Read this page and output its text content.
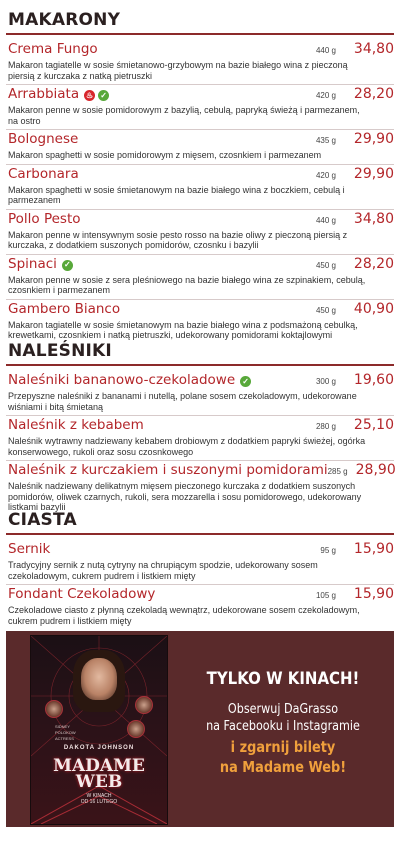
MAKARONY
Crema Fungo	440 g	34,80
Makaron tagiatelle w sosie śmietanowo-grzybowym na bazie białego wina z pieczoną piersią z kurczaka z natką pietruszki
Arrabbiata ♨ ✓	420 g	28,20
Makaron penne w sosie pomidorowym z bazylią, cebulą, papryką świeżą i parmezanem, na ostro
Bolognese	435 g	29,90
Makaron spaghetti w sosie pomidorowym z mięsem, czosnkiem i parmezanem
Carbonara	420 g	29,90
Makaron spaghetti w sosie śmietanowym na bazie białego wina z boczkiem, cebulą i parmezanem
Pollo Pesto	440 g	34,80
Makaron penne w intensywnym sosie pesto rosso na bazie oliwy z pieczoną piersią z kurczaka, z dodatkiem suszonych pomidorów, czosnku i bazylii
Spinaci ✓	450 g	28,20
Makaron penne w sosie z sera pleśniowego na bazie białego wina ze szpinakiem, cebulą, czosnkiem i parmezanem
Gambero Bianco	450 g	40,90
Makaron tagiatelle w sosie śmietanowym na bazie białego wina z podsmażoną cebulką, krewetkami, czosnkiem i natką pietruszki, udekorowany pomidorami koktajlowymi
NALEŚNIKI
Naleśniki bananowo-czekoladowe ✓	300 g	19,60
Przepyszne naleśniki z bananami i nutellą, polane sosem czekoladowym, udekorowane wiśniami i bitą śmietaną
Naleśnik z kebabem	280 g	25,10
Naleśnik wytrawny nadziewany kebabem drobiowym z dodatkiem papryki świeżej, ogórka konserwowego, rukoli oraz sosu czosnkowego
Naleśnik z kurczakiem i suszonymi pomidorami 285 g 28,90
Naleśnik nadziewany delikatnym mięsem pieczonego kurczaka z dodatkiem suszonych pomidorów, oliwek czarnych, rukoli, sera mozzarella i sosu pomidorowego, udekorowany listkami bazylii
CIASTA
Sernik	95 g	15,90
Tradycyjny sernik z nutą cytryny na chrupiącym spodzie, udekorowany sosem czekoladowym, cukrem pudrem i listkiem mięty
Fondant Czekoladowy	105 g	15,90
Czekoladowe ciasto z płynną czekoladą wewnątrz, udekorowane sosem czekoladowym, cukrem pudrem i listkiem mięty
SIDNEY
POLOKOW
ACTRESS
DAKOTA JOHNSON
MADAME
WEB
W KINACH
OD 16 LUTEGO
TYLKO W KINACH!
Obserwuj DaGrasso
na Facebooku i Instagramie
i zgarnij bilety
na Madame Web!
